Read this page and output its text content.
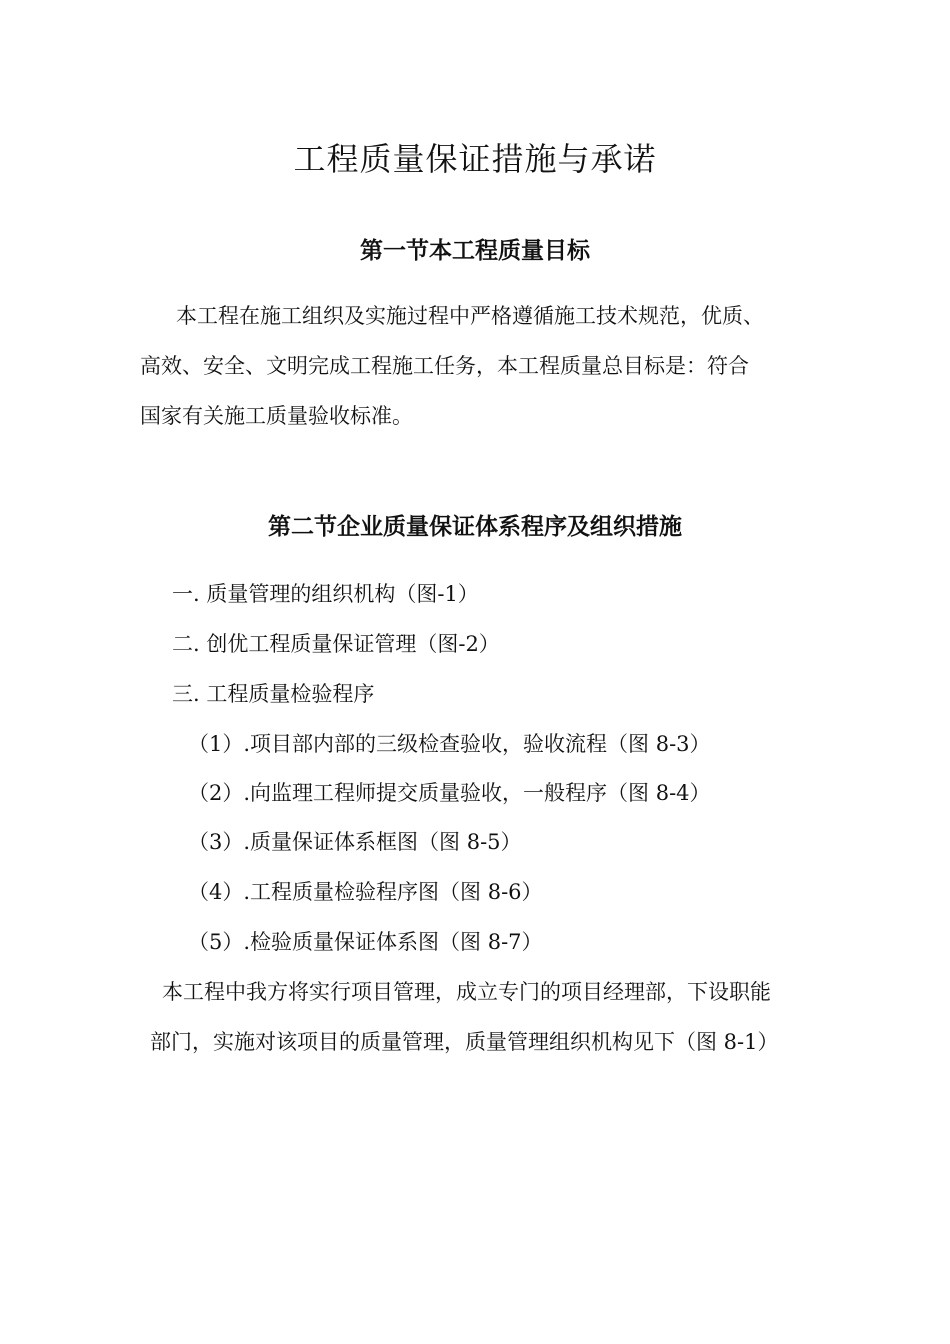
工程质量保证措施与承诺
第一节本工程质量目标
本工程在施工组织及实施过程中严格遵循施工技术规范，优质、
高效、安全、文明完成工程施工任务，本工程质量总目标是：符合
国家有关施工质量验收标准。
第二节企业质量保证体系程序及组织措施
一. 质量管理的组织机构（图-1）
二. 创优工程质量保证管理（图-2）
三. 工程质量检验程序
（1）.项目部内部的三级检查验收，验收流程（图 8-3）
（2）.向监理工程师提交质量验收，一般程序（图 8-4）
（3）.质量保证体系框图（图 8-5）
（4）.工程质量检验程序图（图 8-6）
（5）.检验质量保证体系图（图 8-7）
本工程中我方将实行项目管理，成立专门的项目经理部，下设职能
部门，实施对该项目的质量管理，质量管理组织机构见下（图 8-1）
